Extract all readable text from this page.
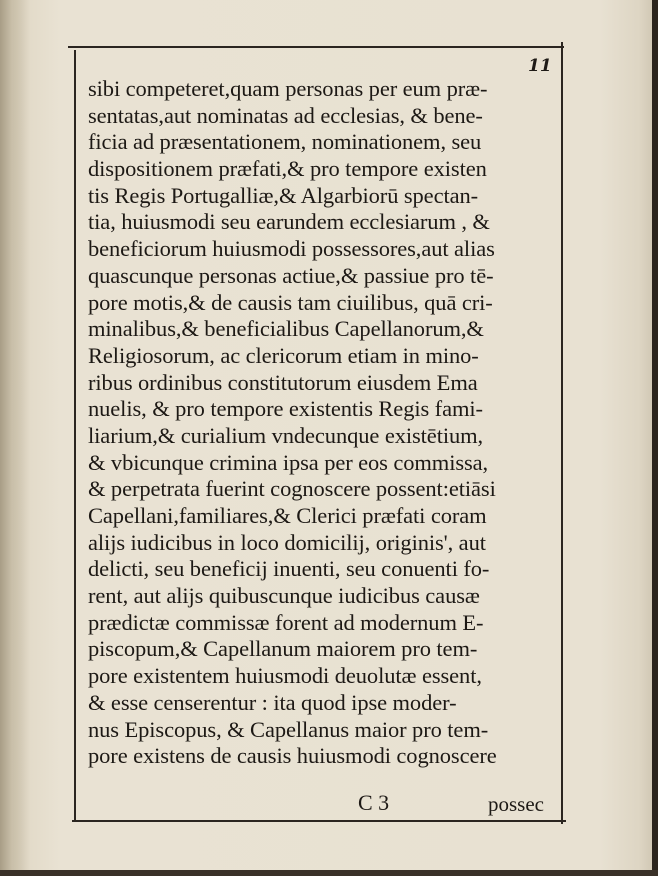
11
sibi competeret,quam personas per eum præ-
sentatas,aut nominatas ad ecclesias, & bene-
ficia ad præsentationem, nominationem, seu
dispositionem præfati,& pro tempore existen
tis Regis Portugalliæ,& Algarbiorū spectan-
tia, huiusmodi seu earundem ecclesiarum , &
beneficiorum huiusmodi possessores,aut alias
quascunque personas actiue,& passiue pro tē-
pore motis,& de causis tam ciuilibus, quā cri-
minalibus,& beneficialibus Capellanorum,&
Religiosorum, ac clericorum etiam in mino-
ribus ordinibus constitutorum eiusdem Ema
nuelis, & pro tempore existentis Regis fami-
liarium,& curialium vndecunque existētium,
& vbicunque crimina ipsa per eos commissa,
& perpetrata fuerint cognoscere possent:etiāsi
Capellani,familiares,& Clerici præfati coram
alijs iudicibus in loco domicilij, originis', aut
delicti, seu beneficij inuenti, seu conuenti fo-
rent, aut alijs quibuscunque iudicibus causæ
prædictæ commissæ forent ad modernum E-
piscopum,& Capellanum maiorem pro tem-
pore existentem huiusmodi deuolutæ essent,
& esse censerentur : ita quod ipse moder-
nus Episcopus, & Capellanus maior pro tem-
pore existens de causis huiusmodi cognoscere
C 3	possec
